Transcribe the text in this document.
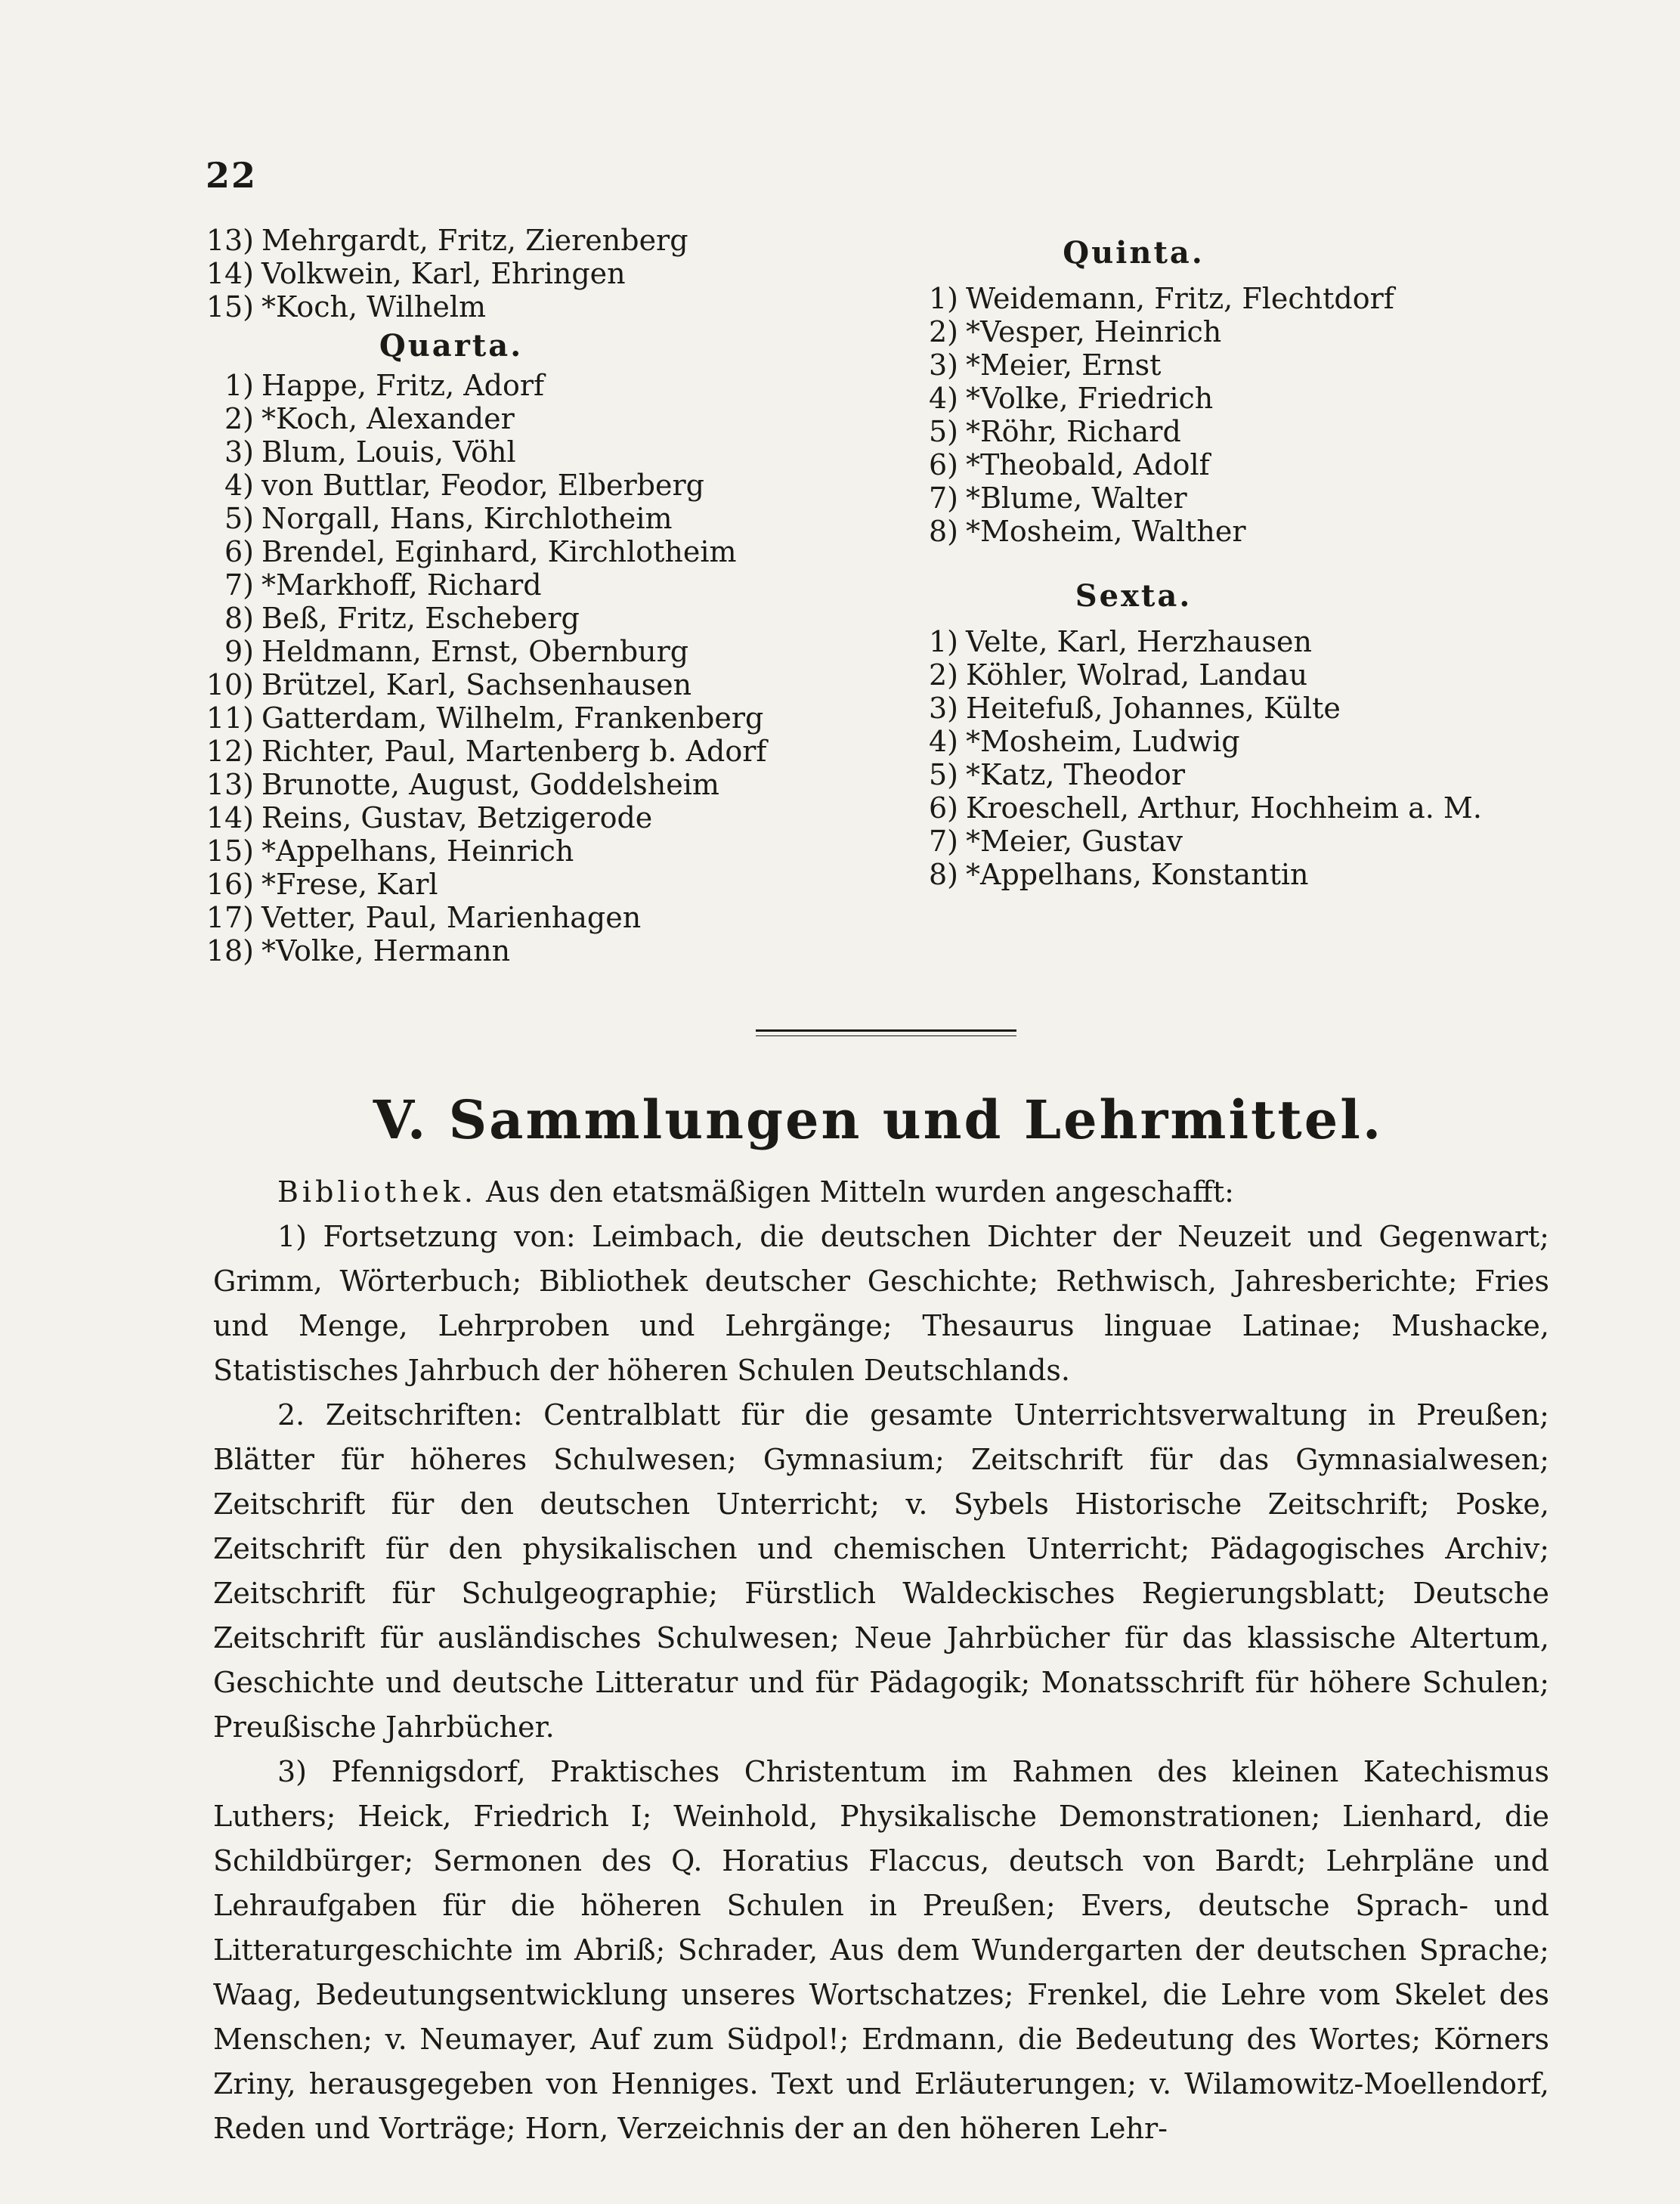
22
13) Mehrgardt, Fritz, Zierenberg
14) Volkwein, Karl, Ehringen
15) *Koch, Wilhelm
Quarta.
1) Happe, Fritz, Adorf
2) *Koch, Alexander
3) Blum, Louis, Vöhl
4) von Buttlar, Feodor, Elberberg
5) Norgall, Hans, Kirchlotheim
6) Brendel, Eginhard, Kirchlotheim
7) *Markhoff, Richard
8) Beß, Fritz, Escheberg
9) Heldmann, Ernst, Obernburg
10) Brützel, Karl, Sachsenhausen
11) Gatterdam, Wilhelm, Frankenberg
12) Richter, Paul, Martenberg b. Adorf
13) Brunotte, August, Goddelsheim
14) Reins, Gustav, Betzigerode
15) *Appelhans, Heinrich
16) *Frese, Karl
17) Vetter, Paul, Marienhagen
18) *Volke, Hermann
Quinta.
1) Weidemann, Fritz, Flechtdorf
2) *Vesper, Heinrich
3) *Meier, Ernst
4) *Volke, Friedrich
5) *Röhr, Richard
6) *Theobald, Adolf
7) *Blume, Walter
8) *Mosheim, Walther
Sexta.
1) Velte, Karl, Herzhausen
2) Köhler, Wolrad, Landau
3) Heitefuß, Johannes, Külte
4) *Mosheim, Ludwig
5) *Katz, Theodor
6) Kroeschell, Arthur, Hochheim a. M.
7) *Meier, Gustav
8) *Appelhans, Konstantin
V. Sammlungen und Lehrmittel.

Bibliothek. Aus den etatsmäßigen Mitteln wurden angeschafft:

1) Fortsetzung von: Leimbach, die deutschen Dichter der Neuzeit und Gegenwart; Grimm, Wörterbuch; Bibliothek deutscher Geschichte; Rethwisch, Jahresberichte; Fries und Menge, Lehrproben und Lehrgänge; Thesaurus linguae Latinae; Mushacke, Statistisches Jahrbuch der höheren Schulen Deutschlands.

2. Zeitschriften: Centralblatt für die gesamte Unterrichtsverwaltung in Preußen; Blätter für höheres Schulwesen; Gymnasium; Zeitschrift für das Gymnasialwesen; Zeitschrift für den deutschen Unterricht; v. Sybels Historische Zeitschrift; Poske, Zeitschrift für den physikalischen und chemischen Unterricht; Pädagogisches Archiv; Zeitschrift für Schulgeographie; Fürstlich Waldeckisches Regierungsblatt; Deutsche Zeitschrift für ausländisches Schulwesen; Neue Jahrbücher für das klassische Altertum, Geschichte und deutsche Litteratur und für Pädagogik; Monatsschrift für höhere Schulen; Preußische Jahrbücher.

3) Pfennigsdorf, Praktisches Christentum im Rahmen des kleinen Katechismus Luthers; Heick, Friedrich I; Weinhold, Physikalische Demonstrationen; Lienhard, die Schildbürger; Sermonen des Q. Horatius Flaccus, deutsch von Bardt; Lehrpläne und Lehraufgaben für die höheren Schulen in Preußen; Evers, deutsche Sprach- und Litteraturgeschichte im Abriß; Schrader, Aus dem Wundergarten der deutschen Sprache; Waag, Bedeutungsentwicklung unseres Wortschatzes; Frenkel, die Lehre vom Skelet des Menschen; v. Neumayer, Auf zum Südpol!; Erdmann, die Bedeutung des Wortes; Körners Zriny, herausgegeben von Henniges. Text und Erläuterungen; v. Wilamowitz-Moellendorf, Reden und Vorträge; Horn, Verzeichnis der an den höheren Lehr-
